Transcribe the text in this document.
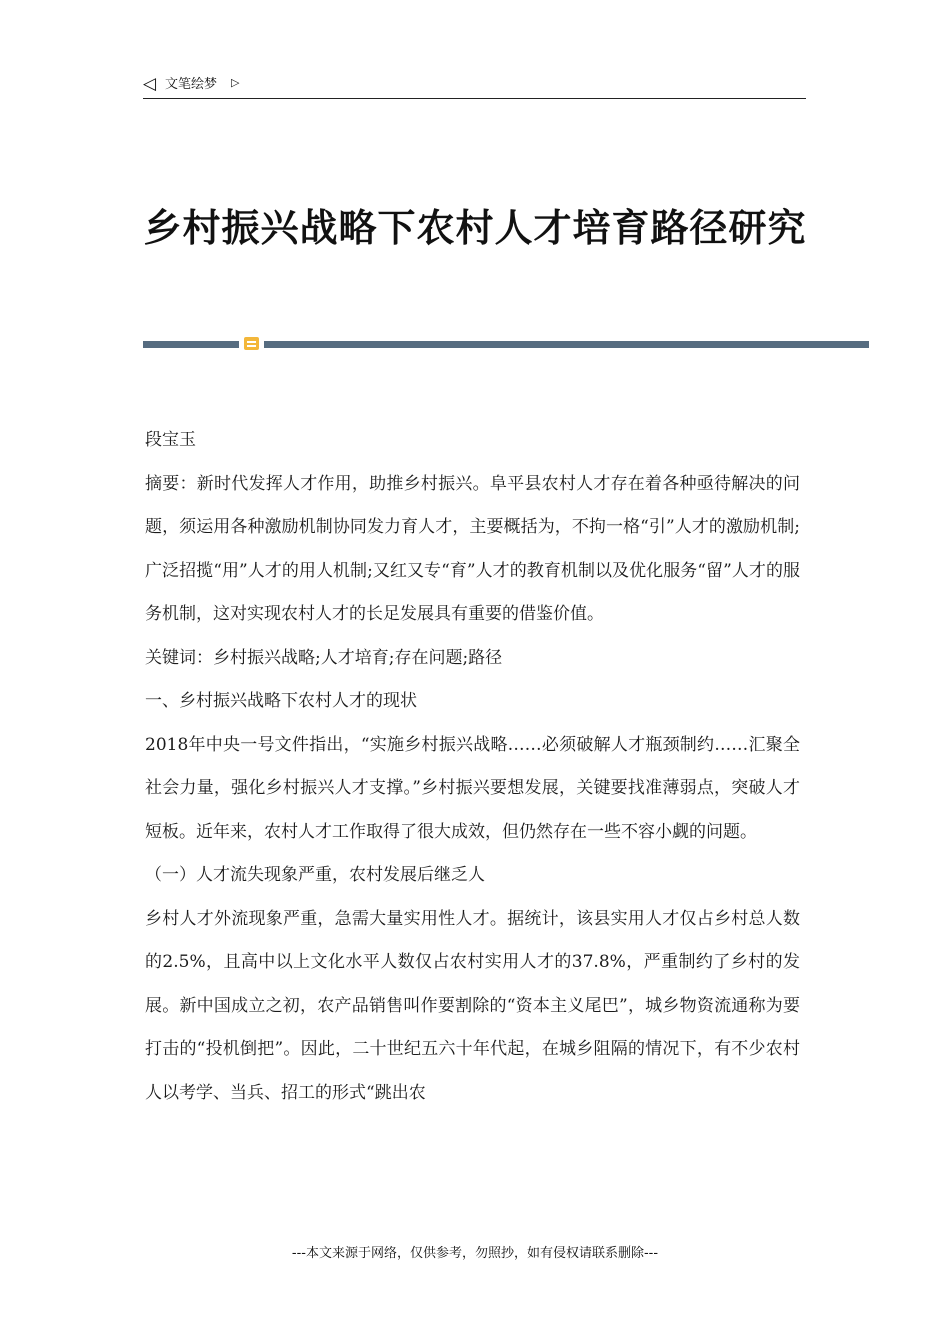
◁ 文笔绘梦 ▷
乡村振兴战略下农村人才培育路径研究

段宝玉

摘要：新时代发挥人才作用，助推乡村振兴。阜平县农村人才存在着各种亟待解决的问题，须运用各种激励机制协同发力育人才，主要概括为，不拘一格“引”人才的激励机制;广泛招揽“用”人才的用人机制;又红又专“育”人才的教育机制以及优化服务“留”人才的服务机制，这对实现农村人才的长足发展具有重要的借鉴价值。

关键词：乡村振兴战略;人才培育;存在问题;路径

一、乡村振兴战略下农村人才的现状

2018年中央一号文件指出，“实施乡村振兴战略……必须破解人才瓶颈制约……汇聚全社会力量，强化乡村振兴人才支撑。”乡村振兴要想发展，关键要找准薄弱点，突破人才短板。近年来，农村人才工作取得了很大成效，但仍然存在一些不容小觑的问题。

（一）人才流失现象严重，农村发展后继乏人

乡村人才外流现象严重，急需大量实用性人才。据统计，该县实用人才仅占乡村总人数的2.5%，且高中以上文化水平人数仅占农村实用人才的37.8%，严重制约了乡村的发展。新中国成立之初，农产品销售叫作要割除的“资本主义尾巴”，城乡物资流通称为要打击的“投机倒把”。因此，二十世纪五六十年代起，在城乡阻隔的情况下，有不少农村人以考学、当兵、招工的形式“跳出农

---本文来源于网络，仅供参考，勿照抄，如有侵权请联系删除---
